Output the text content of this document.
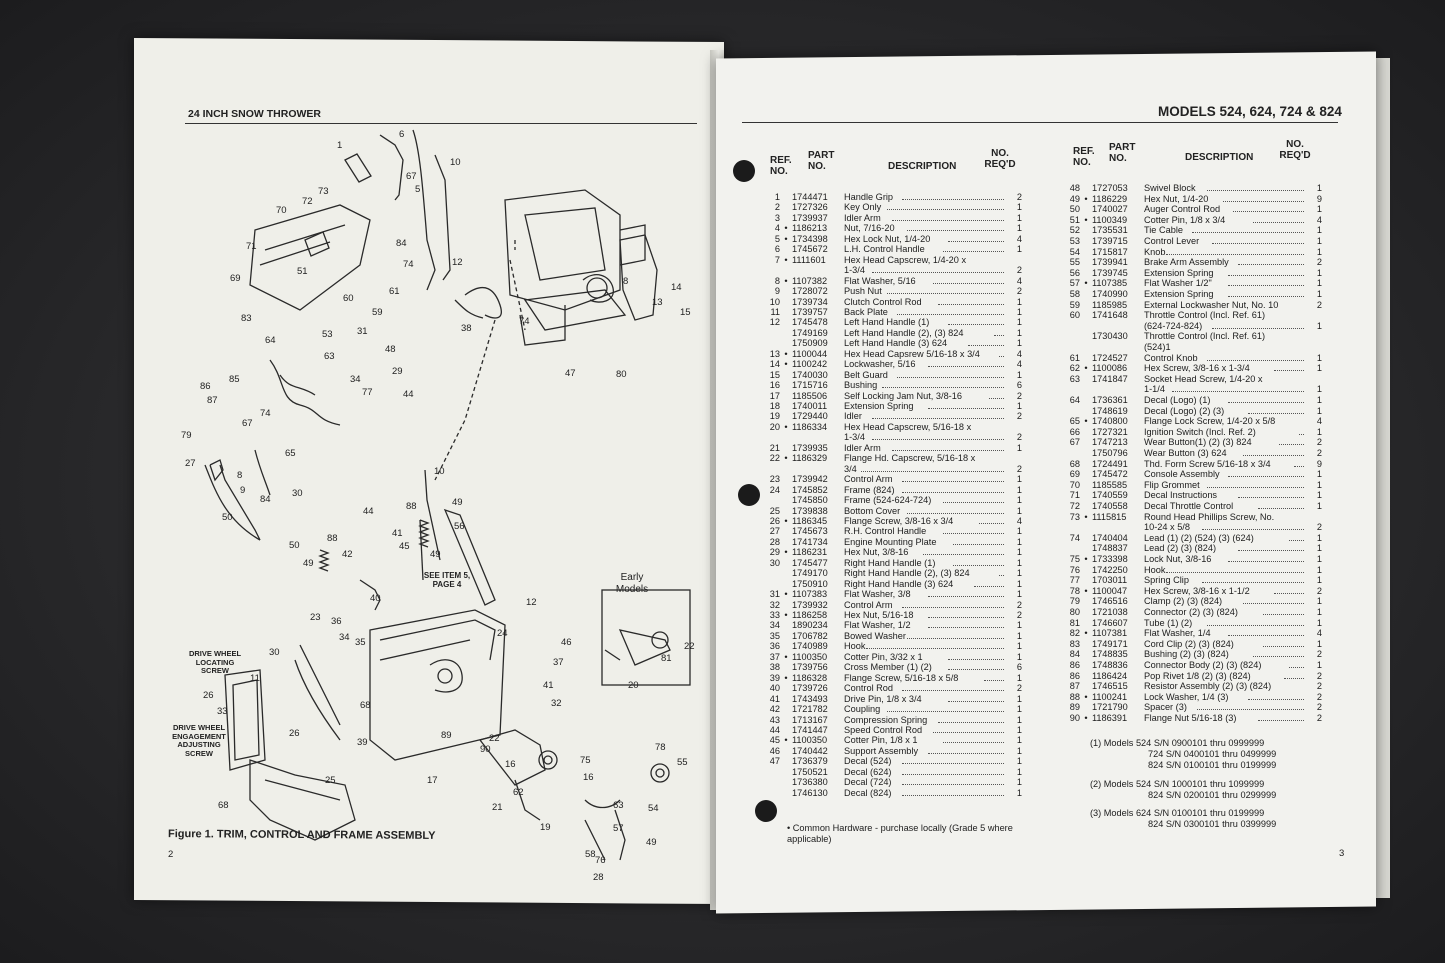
24 INCH SNOW THROWER
SEE ITEM 5, PAGE 4
Early Models
DRIVE WHEEL LOCATING SCREW
DRIVE WHEEL ENGAGEMENT ADJUSTING SCREW
1
6
10
73
72
70
67
5
71
69
51
84
74	12
60
61
59
83
64
53	31
63
48
29
34
77	44
85
74
86
87
79
67
65
27
8
9
84
30
50
10
88	49
44
56
41
45
42	49
50
88
49
12
40
23 36
34 35
24
46
37
41
32
30
11
26
33
39
68
26
25
68
89
90
22
17
16
21
62
75
16
19
78
55
63	54
57
49
58
76
28
47
8
13
14
15
80
74
38
81
22
20
Figure 1. TRIM, CONTROL AND FRAME ASSEMBLY
2
MODELS 524, 624, 724 & 824
REF. NO.
PART NO.	DESCRIPTION
NO. REQ'D
REF. NO.
PART NO.	DESCRIPTION
NO. REQ'D
1 1744471	Handle Grip	2
2 1727326	Key Only	1
3 1739937	Idler Arm	1
4 • 1186213	Nut, 7/16-20	1
5 • 1734398	Hex Lock Nut, 1/4-20	4
6 1745672	L.H. Control Handle	1
7 • 1111601	Hex Head Capscrew, 1/4-20 x
1-3/4	2
8 • 1107382	Flat Washer, 5/16	4
9 1728072	Push Nut	2
10 1739734	Clutch Control Rod	1
11 1739757	Back Plate	1
12 1745478	Left Hand Handle (1)	1
1749169	Left Hand Handle (2), (3) 824	1
1750909	Left Hand Handle (3) 624	1
13 • 1100044	Hex Head Capsrew 5/16-18 x 3/4	4
14 • 1100242	Lockwasher, 5/16	4
15 1740030	Belt Guard	1
16 1715716	Bushing	6
17 1185506	Self Locking Jam Nut, 3/8-16	2
18 1740011	Extension Spring	1
19 1729440	Idler	2
20 • 1186334	Hex Head Capscrew, 5/16-18 x
1-3/4	2
21 1739935	Idler Arm	1
22 • 1186329	Flange Hd. Capscrew, 5/16-18 x
3/4	2
23 1739942	Control Arm	1
24 1745852	Frame (824)	1
1745850	Frame (524-624-724)	1
25 1739838	Bottom Cover	1
26 • 1186345	Flange Screw, 3/8-16 x 3/4	4
27 1745673	R.H. Control Handle	1
28 1741734	Engine Mounting Plate	1
29 • 1186231	Hex Nut, 3/8-16	1
30 1745477	Right Hand Handle (1)	1
1749170	Right Hand Handle (2), (3) 824	1
1750910	Right Hand Handle (3) 624	1
31 • 1107383	Flat Washer, 3/8	1
32 1739932	Control Arm	2
33 • 1186258	Hex Nut, 5/16-18	2
34 1890234	Flat Washer, 1/2	1
35 1706782	Bowed Washer	1
36 1740989	Hook	1
37 • 1100350	Cotter Pin, 3/32 x 1	1
38 1739756	Cross Member (1) (2)	6
39 • 1186328	Flange Screw, 5/16-18 x 5/8	1
40 1739726	Control Rod	2
41 1743493	Drive Pin, 1/8 x 3/4	1
42 1721782	Coupling	1
43 1713167	Compression Spring	1
44 1741447	Speed Control Rod	1
45 • 1100350	Cotter Pin, 1/8 x 1	1
46 1740442	Support Assembly	1
47 1736379	Decal (524)	1
1750521	Decal (624)	1
1736380	Decal (724)	1
1746130	Decal (824)	1
48 1727053	Swivel Block	1
49 • 1186229	Hex Nut, 1/4-20	9
50 1740027	Auger Control Rod	1
51 • 1100349	Cotter Pin, 1/8 x 3/4	4
52 1735531	Tie Cable	1
53 1739715	Control Lever	1
54 1715817	Knob	1
55 1739941	Brake Arm Assembly	2
56 1739745	Extension Spring	1
57 • 1107385	Flat Washer 1/2"	1
58 1740990	Extension Spring	1
59 1185985	External Lockwasher Nut, No. 10	2
60 1741648	Throttle Control (Incl. Ref. 61)
(624-724-824)	1
1730430	Throttle Control (Incl. Ref. 61)
(524)1
61 1724527	Control Knob	1
62 • 1100086	Hex Screw, 3/8-16 x 1-3/4	1
63 1741847	Socket Head Screw, 1/4-20 x
1-1/4	1
64 1736361	Decal (Logo) (1)	1
1748619	Decal (Logo) (2) (3)	1
65 • 1740800	Flange Lock Screw, 1/4-20 x 5/8	4
66 1727321	Ignition Switch (Incl. Ref. 2)	1
67 1747213	Wear Button(1) (2) (3) 824	2
1750796	Wear Button (3) 624	2
68 1724491	Thd. Form Screw 5/16-18 x 3/4	9
69 1745472	Console Assembly	1
70 1185585	Flip Grommet	1
71 1740559	Decal Instructions	1
72 1740558	Decal Throttle Control	1
73 • 1115815	Round Head Phillips Screw, No.
10-24 x 5/8	2
74 1740404	Lead (1) (2) (524) (3) (624)	1
1748837	Lead (2) (3) (824)	1
75 • 1733398	Lock Nut, 3/8-16	1
76 1742250	Hook	1
77 1703011	Spring Clip	1
78 • 1100047	Hex Screw, 3/8-16 x 1-1/2	2
79 1746516	Clamp (2) (3) (824)	1
80 1721038	Connector (2) (3) (824)	1
81 1746607	Tube (1) (2)	1
82 • 1107381	Flat Washer, 1/4	4
83 1749171	Cord Clip (2) (3) (824)	1
84 1748835	Bushing (2) (3) (824)	2
86 1748836	Connector Body (2) (3) (824)	1
86 1186424	Pop Rivet 1/8 (2) (3) (824)	2
87 1746515	Resistor Assembly (2) (3) (824)	2
88 • 1100241	Lock Washer, 1/4 (3)	2
89 1721790	Spacer (3)	2
90 • 1186391	Flange Nut 5/16-18 (3)	2
• Common Hardware - purchase locally (Grade 5 where applicable)
(1) Models 524 S/N 0900101 thru 0999999
724 S/N 0400101 thru 0499999
824 S/N 0100101 thru 0199999
(2) Models 524 S/N 1000101 thru 1099999
824 S/N 0200101 thru 0299999
(3) Models 624 S/N 0100101 thru 0199999
824 S/N 0300101 thru 0399999
3
